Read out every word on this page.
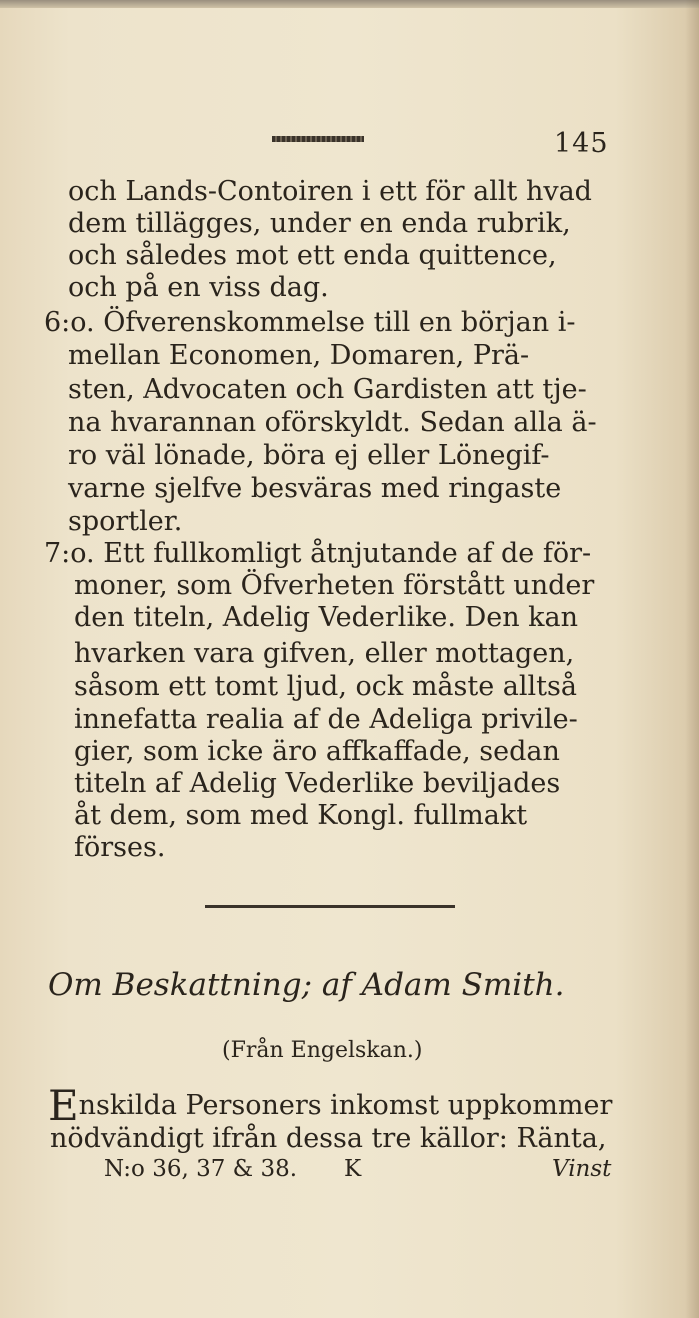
145
och Lands-Contoiren i ett för allt hvad
dem tillägges, under en enda rubrik,
och således mot ett enda quittence,
och på en viss dag.
6:o. Öfverenskommelse till en början i-
mellan Economen, Domaren, Prä-
sten, Advocaten och Gardisten att tje-
na hvarannan oförskyldt. Sedan alla ä-
ro väl lönade, böra ej eller Lönegif-
varne sjelfve besväras med ringaste
sportler.
7:o. Ett fullkomligt åtnjutande af de för-
moner, som Öfverheten förstått under
den titeln, Adelig Vederlike. Den kan
hvarken vara gifven, eller mottagen,
såsom ett tomt ljud, ock måste alltså
innefatta realia af de Adeliga privile-
gier, som icke äro affkaffade, sedan
titeln af Adelig Vederlike beviljades
åt dem, som med Kongl. fullmakt
förses.
Om Beskattning; af Adam Smith.
(Från Engelskan.)
Enskilda Personers inkomst uppkommer
nödvändigt ifrån dessa tre källor: Ränta,
N:o 36, 37 & 38. K	Vinst
